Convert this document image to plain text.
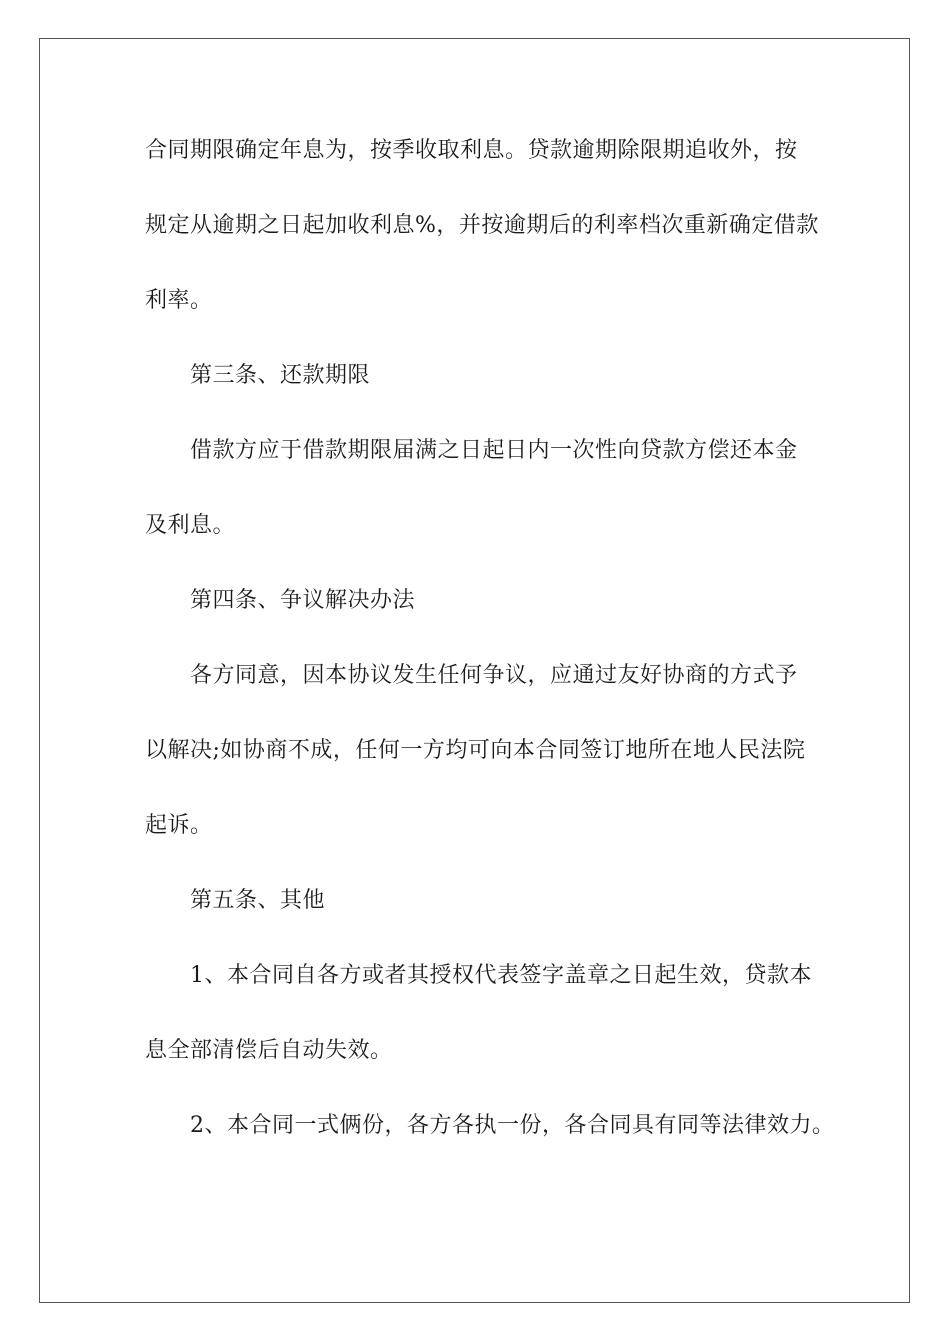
合同期限确定年息为，按季收取利息。贷款逾期除限期追收外，按
规定从逾期之日起加收利息%，并按逾期后的利率档次重新确定借款
利率。
第三条、还款期限
借款方应于借款期限届满之日起日内一次性向贷款方偿还本金
及利息。
第四条、争议解决办法
各方同意，因本协议发生任何争议，应通过友好协商的方式予
以解决;如协商不成，任何一方均可向本合同签订地所在地人民法院
起诉。
第五条、其他
1、本合同自各方或者其授权代表签字盖章之日起生效，贷款本
息全部清偿后自动失效。
2、本合同一式俩份，各方各执一份，各合同具有同等法律效力。
